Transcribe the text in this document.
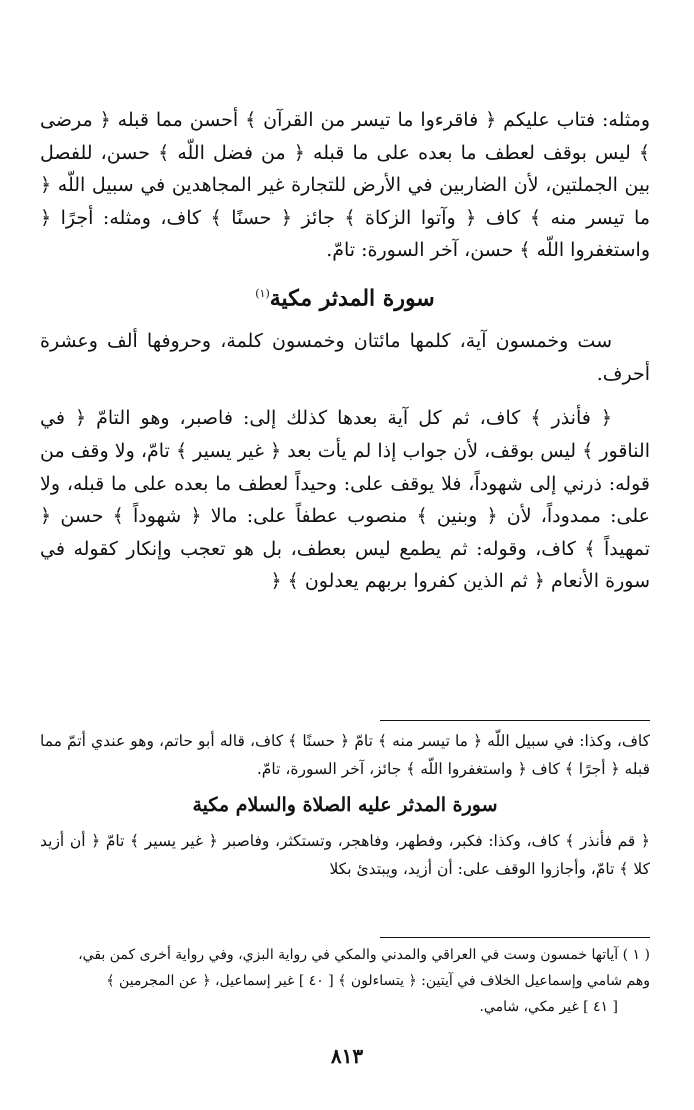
ومثله: فتاب عليكم ﴿ فاقرءوا ما تيسر من القرآن ﴾ أحسن مما قبله ﴿ مرضى ﴾ ليس بوقف لعطف ما بعده على ما قبله ﴿ من فضل اللّه ﴾ حسن، للفصل بين الجملتين، لأن الضاربين في الأرض للتجارة غير المجاهدين في سبيل اللّه ﴿ ما تيسر منه ﴾ كاف ﴿ وآتوا الزكاة ﴾ جائز ﴿ حسنًا ﴾ كاف، ومثله: أجرًا ﴿ واستغفروا اللّه ﴾ حسن، آخر السورة: تامّ.

سورة المدثر مكية$^{(١)}$

ست وخمسون آية، كلمها مائتان وخمسون كلمة، وحروفها ألف وعشرة أحرف.

﴿ فأنذر ﴾ كاف، ثم كل آية بعدها كذلك إلى: فاصبر، وهو التامّ ﴿ في الناقور ﴾ ليس بوقف، لأن جواب إذا لم يأت بعد ﴿ غير يسير ﴾ تامّ، ولا وقف من قوله: ذرني إلى شهوداً، فلا يوقف على: وحيداً لعطف ما بعده على ما قبله، ولا على: ممدوداً، لأن ﴿ وبنين ﴾ منصوب عطفاً على: مالا ﴿ شهوداً ﴾ حسن ﴿ تمهيداً ﴾ كاف، وقوله: ثم يطمع ليس بعطف، بل هو تعجب وإنكار كقوله في سورة الأنعام ﴿ ثم الذين كفروا بربهم يعدلون ﴾ ﴿

كاف، وكذا: في سبيل اللّه ﴿ ما تيسر منه ﴾ تامّ ﴿ حسنًا ﴾ كاف، قاله أبو حاتم، وهو عندي أتمّ مما قبله ﴿ أجرًا ﴾ كاف ﴿ واستغفروا اللّه ﴾ جائز، آخر السورة، تامّ.

سورة المدثر عليه الصلاة والسلام مكية

﴿ قم فأنذر ﴾ كاف، وكذا: فكبر، وفطهر، وفاهجر، وتستكثر، وفاصبر ﴿ غير يسير ﴾ تامّ ﴿ أن أزيد كلا ﴾ تامّ، وأجازوا الوقف على: أن أزيد، ويبتدئ بكلا

( ١ ) آياتها خمسون وست في العراقي والمدني والمكي في رواية البزي، وفي رواية أخرى كمن بقي،

وهم شامي وإسماعيل الخلاف في آيتين: ﴿ يتساءلون ﴾ [ ٤٠ ] غير إسماعيل، ﴿ عن المجرمين ﴾

[ ٤١ ] غير مكي، شامي.

٨١٣
